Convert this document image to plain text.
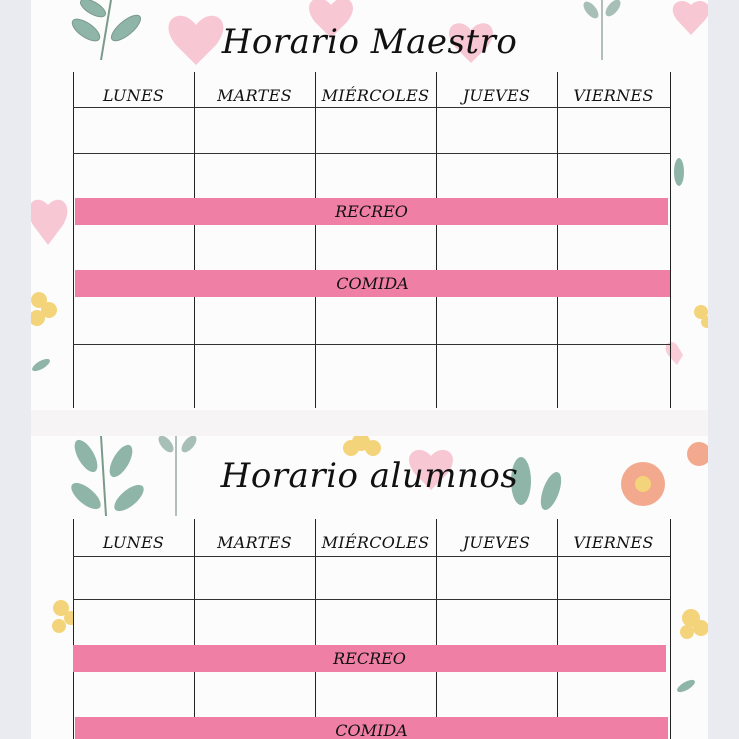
Horario Maestro
LUNES	MARTES	MIÉRCOLES	JUEVES	VIERNES
RECREO
COMIDA
Horario alumnos
LUNES	MARTES	MIÉRCOLES	JUEVES	VIERNES
RECREO
COMIDA
